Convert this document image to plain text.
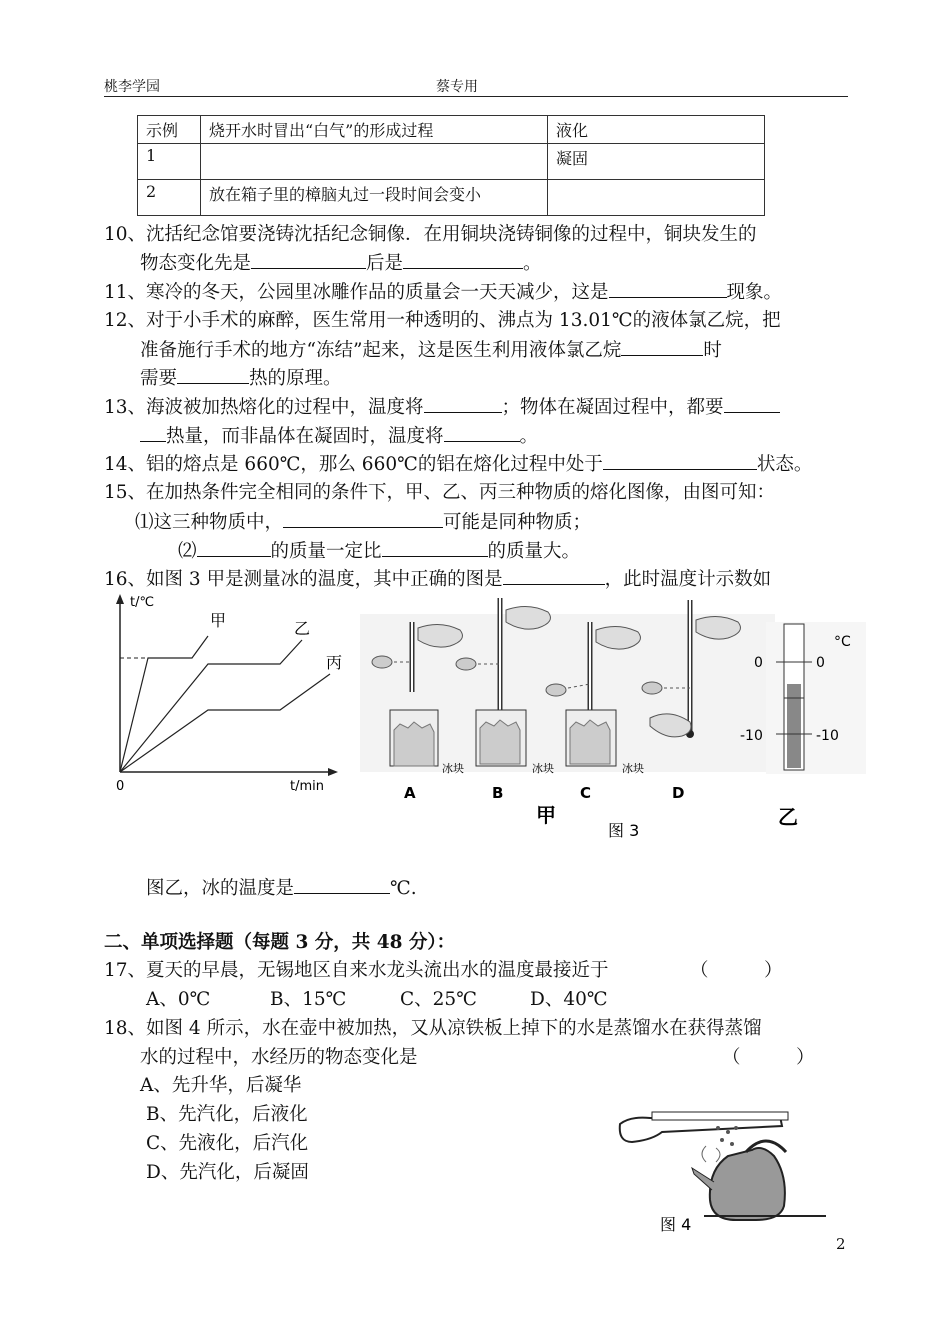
桃李学园	蔡专用
示例	烧开水时冒出“白气”的形成过程	液化
1		凝固
2	放在箱子里的樟脑丸过一段时间会变小	
10、沈括纪念馆要浇铸沈括纪念铜像．在用铜块浇铸铜像的过程中，铜块发生的
物态变化先是	后是	。
11、寒冷的冬天，公园里冰雕作品的质量会一天天减少，这是	现象。
12、对于小手术的麻醉，医生常用一种透明的、沸点为 13.01℃的液体氯乙烷，把
准备施行手术的地方“冻结”起来，这是医生利用液体氯乙烷	时
需要	热的原理。
13、海波被加热熔化的过程中，温度将	；物体在凝固过程中，都要
热量，而非晶体在凝固时，温度将	。
14、铝的熔点是 660℃，那么 660℃的铝在熔化过程中处于	状态。
15、在加热条件完全相同的条件下，甲、乙、丙三种物质的熔化图像，由图可知：
⑴这三种物质中，	可能是同种物质；
⑵	的质量一定比	的质量大。
16、如图 3 甲是测量冰的温度，其中正确的图是	，此时温度计示数如
t/℃
t/min
0
甲	乙
丙
冰块	冰块	冰块
A	B	C	D
甲	乙
图 3
0	0
-10	-10
°C
图乙，冰的温度是	℃.
二、单项选择题（每题 3 分，共 48 分）：
17、夏天的早晨，无锡地区自来水龙头流出水的温度最接近于	（　　　）
A、0℃	B、15℃	C、25℃	D、40℃
18、如图 4 所示，水在壶中被加热，又从凉铁板上掉下的水是蒸馏水在获得蒸馏
水的过程中，水经历的物态变化是	（　　　）
A、先升华，后凝华
B、先汽化，后液化
C、先液化，后汽化
D、先汽化，后凝固
图 4
2
